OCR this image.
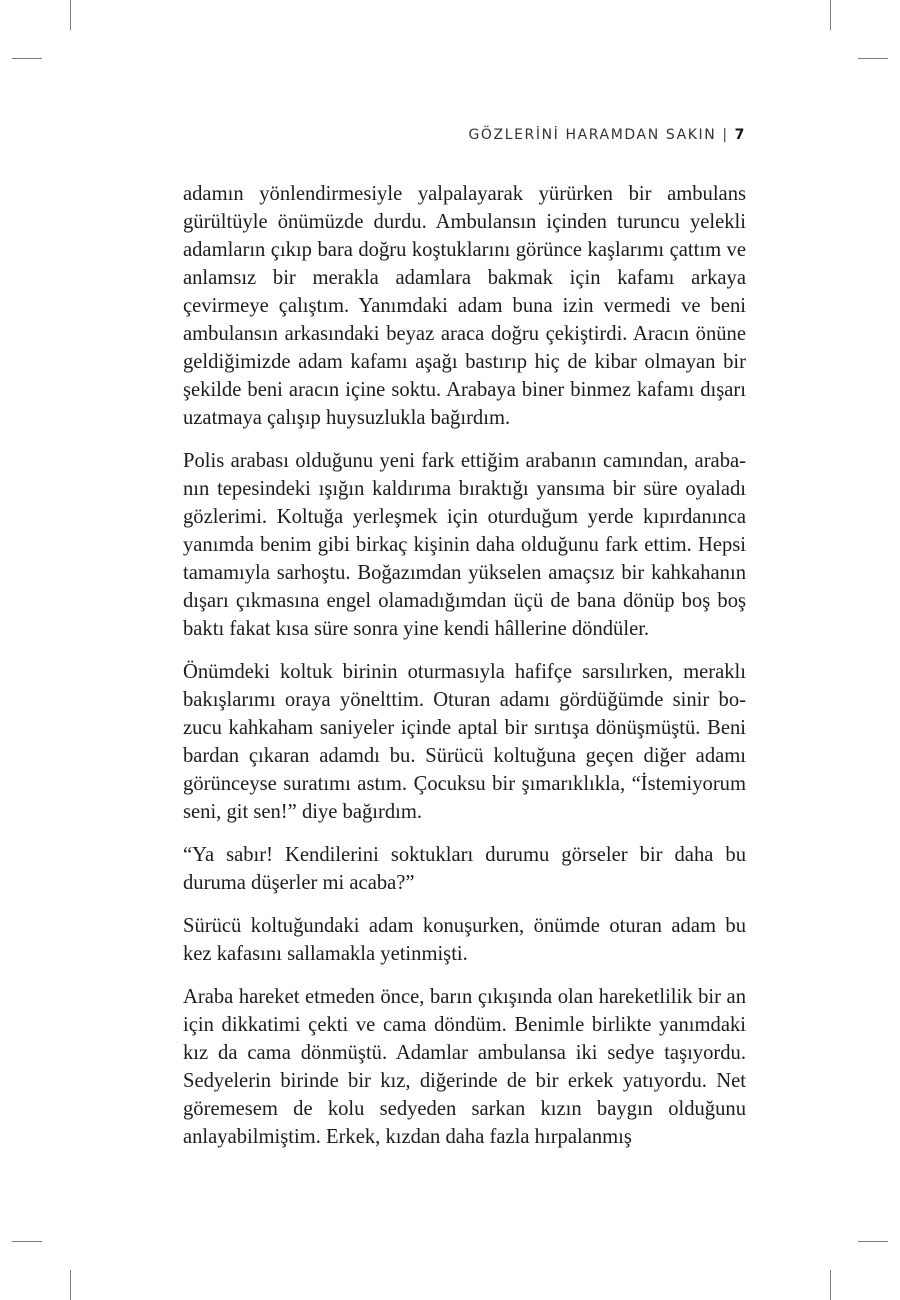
GÖZLERİNİ HARAMDAN SAKIN | 7

adamın yönlendirmesiyle yalpalayarak yürürken bir ambulans gürültüyle önümüzde durdu. Ambulansın içinden turuncu yelekli adamların çıkıp bara doğru koştuklarını görünce kaşlarımı çattım ve anlamsız bir merakla adamlara bakmak için kafamı arkaya çevirmeye çalıştım. Yanımdaki adam buna izin vermedi ve beni ambulansın arkasındaki beyaz araca doğru çekiştirdi. Aracın önüne geldiğimizde adam kafamı aşağı bastırıp hiç de kibar olmayan bir şekilde beni aracın içine soktu. Arabaya biner binmez kafamı dışarı uzatmaya çalışıp huysuzlukla bağırdım.

Polis arabası olduğunu yeni fark ettiğim arabanın camından, arabanın tepesindeki ışığın kaldırıma bıraktığı yansıma bir süre oyaladı gözlerimi. Koltuğa yerleşmek için oturduğum yerde kıpırdanınca yanımda benim gibi birkaç kişinin daha olduğunu fark ettim. Hepsi tamamıyla sarhoştu. Boğazımdan yükselen amaçsız bir kahkahanın dışarı çıkmasına engel olamadığımdan üçü de bana dönüp boş boş baktı fakat kısa süre sonra yine kendi hâllerine döndüler.

Önümdeki koltuk birinin oturmasıyla hafifçe sarsılırken, meraklı bakışlarımı oraya yönelttim. Oturan adamı gördüğümde sinir bozucu kahkaham saniyeler içinde aptal bir sırıtışa dönüşmüştü. Beni bardan çıkaran adamdı bu. Sürücü koltuğuna geçen diğer adamı görünceyse suratımı astım. Çocuksu bir şımarıklıkla, “İstemiyorum seni, git sen!” diye bağırdım.

“Ya sabır! Kendilerini soktukları durumu görseler bir daha bu duruma düşerler mi acaba?”

Sürücü koltuğundaki adam konuşurken, önümde oturan adam bu kez kafasını sallamakla yetinmişti.

Araba hareket etmeden önce, barın çıkışında olan hareketlilik bir an için dikkatimi çekti ve cama döndüm. Benimle birlikte yanımdaki kız da cama dönmüştü. Adamlar ambulansa iki sedye taşıyordu. Sedyelerin birinde bir kız, diğerinde de bir erkek yatıyordu. Net göremesem de kolu sedyeden sarkan kızın baygın olduğunu anlayabilmiştim. Erkek, kızdan daha fazla hırpalanmış
